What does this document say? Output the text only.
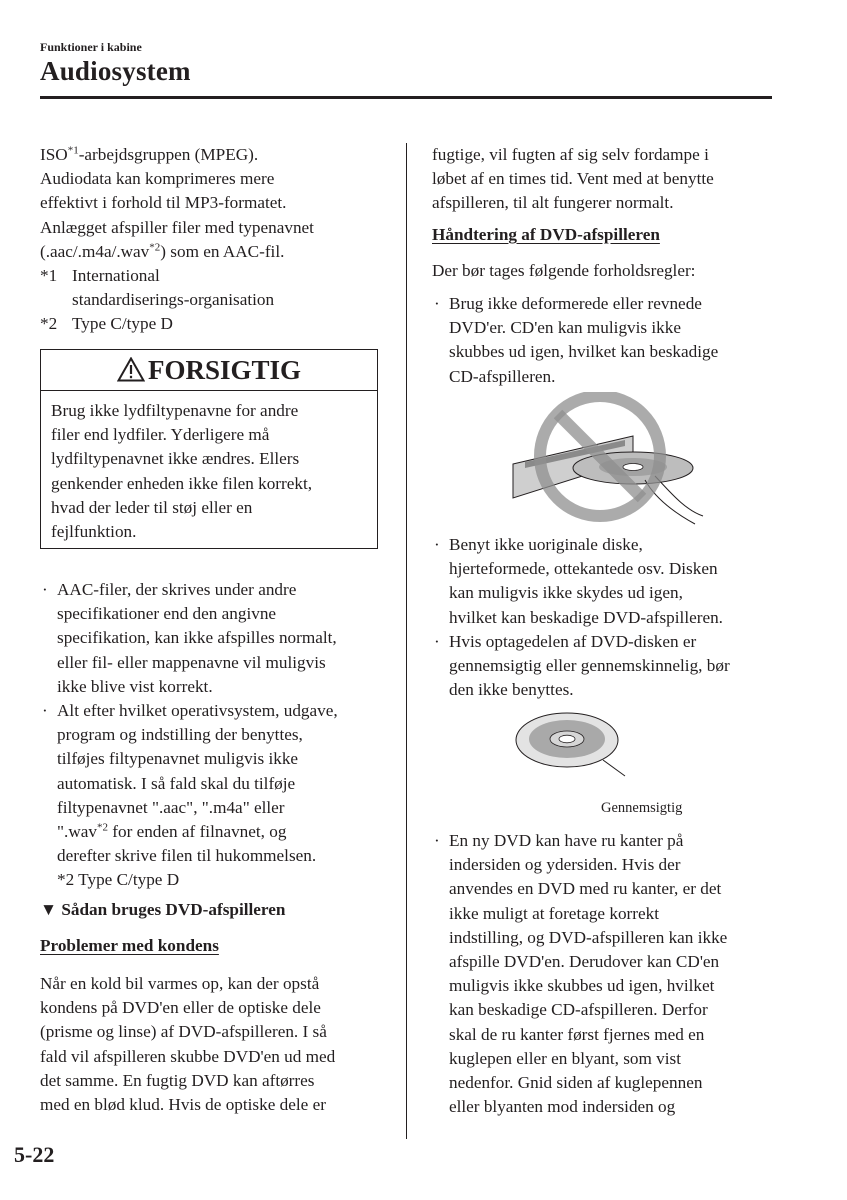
Funktioner i kabine
Audiosystem
ISO$^{*1}$-arbejdsgruppen (MPEG).
Audiodata kan komprimeres mere
effektivt i forhold til MP3-formatet.
Anlægget afspiller filer med typenavnet
(.aac/.m4a/.wav$^{*2}$) som en AAC-fil.
*1 International
standardiserings-organisation
*2 Type C/type D
FORSIGTIG
Brug ikke lydfiltypenavne for andre
filer end lydfiler. Yderligere må
lydfiltypenavnet ikke ændres. Ellers
genkender enheden ikke filen korrekt,
hvad der leder til støj eller en
fejlfunktion.
· AAC-filer, der skrives under andre
specifikationer end den angivne
specifikation, kan ikke afspilles normalt,
eller fil- eller mappenavne vil muligvis
ikke blive vist korrekt.
· Alt efter hvilket operativsystem, udgave,
program og indstilling der benyttes,
tilføjes filtypenavnet muligvis ikke
automatisk. I så fald skal du tilføje
filtypenavnet ".aac", ".m4a" eller
".wav$^{*2}$ for enden af filnavnet, og
derefter skrive filen til hukommelsen.
*2 Type C/type D
▼ Sådan bruges DVD-afspilleren
Problemer med kondens
Når en kold bil varmes op, kan der opstå
kondens på DVD'en eller de optiske dele
(prisme og linse) af DVD-afspilleren. I så
fald vil afspilleren skubbe DVD'en ud med
det samme. En fugtig DVD kan aftørres
med en blød klud. Hvis de optiske dele er
fugtige, vil fugten af sig selv fordampe i
løbet af en times tid. Vent med at benytte
afspilleren, til alt fungerer normalt.
Håndtering af DVD-afspilleren
Der bør tages følgende forholdsregler:
· Brug ikke deformerede eller revnede
DVD'er. CD'en kan muligvis ikke
skubbes ud igen, hvilket kan beskadige
CD-afspilleren.
· Benyt ikke uoriginale diske,
hjerteformede, ottekantede osv. Disken
kan muligvis ikke skydes ud igen,
hvilket kan beskadige DVD-afspilleren.
· Hvis optagedelen af DVD-disken er
gennemsigtig eller gennemskinnelig, bør
den ikke benyttes.
Gennemsigtig
· En ny DVD kan have ru kanter på
indersiden og ydersiden. Hvis der
anvendes en DVD med ru kanter, er det
ikke muligt at foretage korrekt
indstilling, og DVD-afspilleren kan ikke
afspille DVD'en. Derudover kan CD'en
muligvis ikke skubbes ud igen, hvilket
kan beskadige CD-afspilleren. Derfor
skal de ru kanter først fjernes med en
kuglepen eller en blyant, som vist
nedenfor. Gnid siden af kuglepennen
eller blyanten mod indersiden og
5-22
